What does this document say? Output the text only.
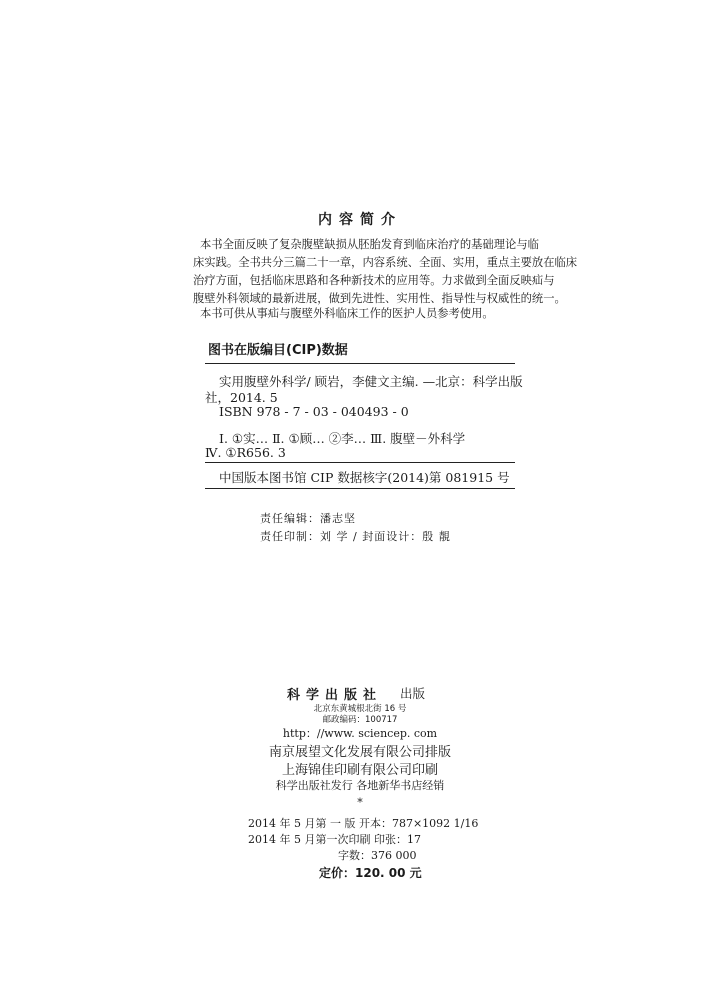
内容简介
本书全面反映了复杂腹壁缺损从胚胎发育到临床治疗的基础理论与临
床实践。全书共分三篇二十一章，内容系统、全面、实用，重点主要放在临床
治疗方面，包括临床思路和各种新技术的应用等。力求做到全面反映疝与
腹壁外科领域的最新进展，做到先进性、实用性、指导性与权威性的统一。
本书可供从事疝与腹壁外科临床工作的医护人员参考使用。
图书在版编目(CIP)数据
实用腹壁外科学/ 顾岩，李健文主编. —北京：科学出版
社，2014. 5
ISBN 978 - 7 - 03 - 040493 - 0
Ⅰ. ①实… Ⅱ. ①顾… ②李… Ⅲ. 腹壁－外科学
Ⅳ. ①R656. 3
中国版本图书馆 CIP 数据核字(2014)第 081915 号
责任编辑：潘志坚
责任印制：刘 学 / 封面设计：殷 靚
科学出版社 出版
北京东黄城根北街 16 号
邮政编码：100717
http：//www. sciencep. com
南京展望文化发展有限公司排版
上海锦佳印刷有限公司印刷
科学出版社发行 各地新华书店经销
*
2014 年 5 月第 一 版 开本：787×1092 1/16
2014 年 5 月第一次印刷 印张：17
字数：376 000
定价：120. 00 元
